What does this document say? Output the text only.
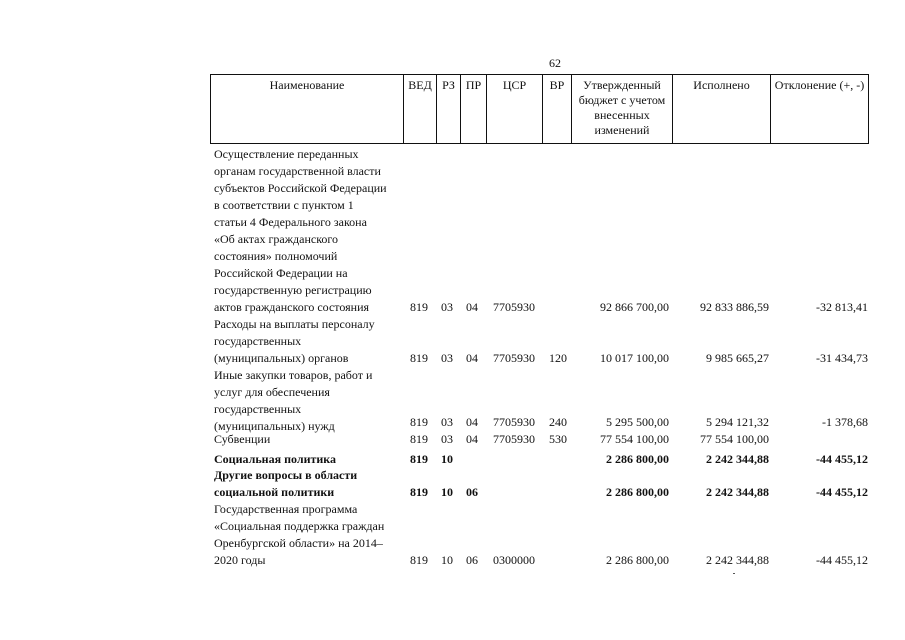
62
Наименование	ВЕД	РЗ	ПР	ЦСР	ВР	Утвержденный бюджет с учетом внесенных изменений	Исполнено	Отклонение (+, -)
Осуществление переданных
органам государственной власти
субъектов Российской Федерации
в соответствии с пунктом 1
статьи 4 Федерального закона
«Об актах гражданского
состояния» полномочий
Российской Федерации на
государственную регистрацию
актов гражданского состояния	819 03 04 7705930	92 866 700,00	92 833 886,59	-32 813,41
Расходы на выплаты персоналу
государственных
(муниципальных) органов	819 03 04 7705930 120	10 017 100,00	9 985 665,27	-31 434,73
Иные закупки товаров, работ и
услуг для обеспечения
государственных
(муниципальных) нужд	819 03 04 7705930 240	5 295 500,00	5 294 121,32	-1 378,68
Субвенции	819 03 04 7705930 530	77 554 100,00	77 554 100,00
Социальная политика	819 10	2 286 800,00	2 242 344,88	-44 455,12
Другие вопросы в области
социальной политики	819 10 06	2 286 800,00	2 242 344,88	-44 455,12
Государственная программа
«Социальная поддержка граждан
Оренбургской области» на 2014–
2020 годы	819 10 06 0300000	2 286 800,00	2 242 344,88	-44 455,12
